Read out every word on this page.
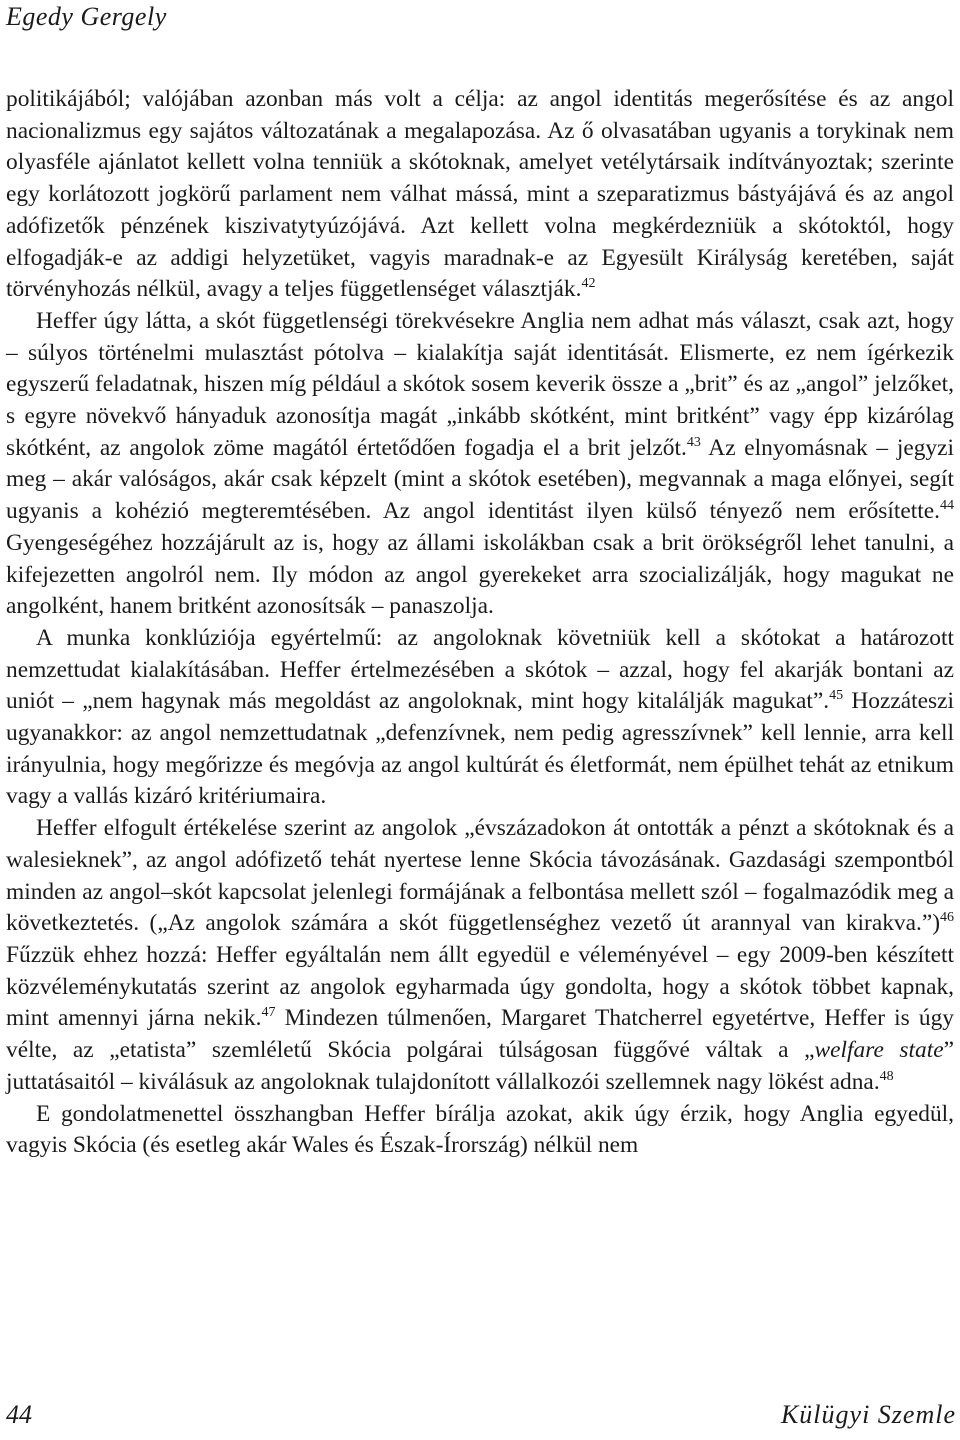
Egedy Gergely

politikájából; valójában azonban más volt a célja: az angol identitás megerősítése és az angol nacionalizmus egy sajátos változatának a megalapozása. Az ő olvasatában ugyanis a torykinak nem olyasféle ajánlatot kellett volna tenniük a skótoknak, amelyet vetélytársaik indítványoztak; szerinte egy korlátozott jogkörű parlament nem válhat mássá, mint a szeparatizmus bástyájává és az angol adófizetők pénzének kiszivatytyúzójává. Azt kellett volna megkérdezniük a skótoktól, hogy elfogadják-e az addigi helyzetüket, vagyis maradnak-e az Egyesült Királyság keretében, saját törvényhozás nélkül, avagy a teljes függetlenséget választják.$^{42}$

Heffer úgy látta, a skót függetlenségi törekvésekre Anglia nem adhat más választ, csak azt, hogy – súlyos történelmi mulasztást pótolva – kialakítja saját identitását. Elismerte, ez nem ígérkezik egyszerű feladatnak, hiszen míg például a skótok sosem keverik össze a „brit” és az „angol” jelzőket, s egyre növekvő hányaduk azonosítja magát „inkább skótként, mint britként” vagy épp kizárólag skótként, az angolok zöme magától értetődően fogadja el a brit jelzőt.$^{43}$ Az elnyomásnak – jegyzi meg – akár valóságos, akár csak képzelt (mint a skótok esetében), megvannak a maga előnyei, segít ugyanis a kohézió megteremtésében. Az angol identitást ilyen külső tényező nem erősítette.$^{44}$ Gyengeségéhez hozzájárult az is, hogy az állami iskolákban csak a brit örökségről lehet tanulni, a kifejezetten angolról nem. Ily módon az angol gyerekeket arra szocializálják, hogy magukat ne angolként, hanem britként azonosítsák – panaszolja.

A munka konklúziója egyértelmű: az angoloknak követniük kell a skótokat a határozott nemzettudat kialakításában. Heffer értelmezésében a skótok – azzal, hogy fel akarják bontani az uniót – „nem hagynak más megoldást az angoloknak, mint hogy kitalálják magukat”.$^{45}$ Hozzáteszi ugyanakkor: az angol nemzettudatnak „defenzívnek, nem pedig agresszívnek” kell lennie, arra kell irányulnia, hogy megőrizze és megóvja az angol kultúrát és életformát, nem épülhet tehát az etnikum vagy a vallás kizáró kritériumaira.

Heffer elfogult értékelése szerint az angolok „évszázadokon át ontották a pénzt a skótoknak és a walesieknek”, az angol adófizető tehát nyertese lenne Skócia távozásának. Gazdasági szempontból minden az angol–skót kapcsolat jelenlegi formájának a felbontása mellett szól – fogalmazódik meg a következtetés. („Az angolok számára a skót függetlenséghez vezető út arannyal van kirakva.”)$^{46}$ Fűzzük ehhez hozzá: Heffer egyáltalán nem állt egyedül e véleményével – egy 2009-ben készített közvéleménykutatás szerint az angolok egyharmada úgy gondolta, hogy a skótok többet kapnak, mint amennyi járna nekik.$^{47}$ Mindezen túlmenően, Margaret Thatcherrel egyetértve, Heffer is úgy vélte, az „etatista” szemléletű Skócia polgárai túlságosan függővé váltak a „welfare state” juttatásaitól – kiválásuk az angoloknak tulajdonított vállalkozói szellemnek nagy lökést adna.$^{48}$

E gondolatmenettel összhangban Heffer bírálja azokat, akik úgy érzik, hogy Anglia egyedül, vagyis Skócia (és esetleg akár Wales és Észak-Írország) nélkül nem

44	Külügyi Szemle
